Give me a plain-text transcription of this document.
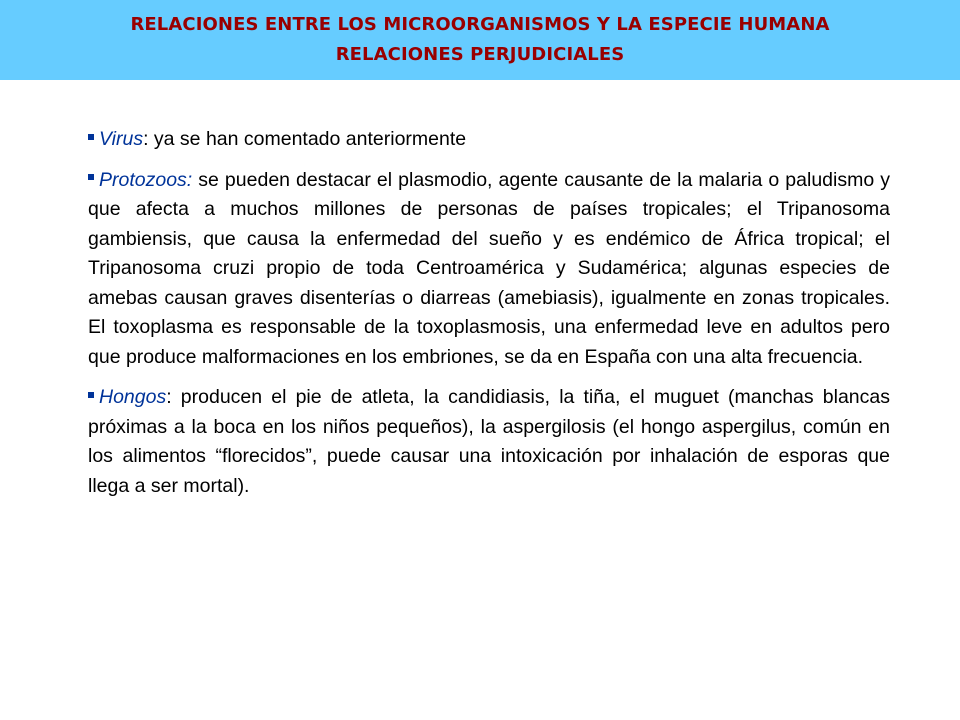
RELACIONES ENTRE LOS MICROORGANISMOS Y LA ESPECIE HUMANA
RELACIONES PERJUDICIALES

Virus: ya se han comentado anteriormente

Protozoos: se pueden destacar el plasmodio, agente causante de la malaria o paludismo y que afecta a muchos millones de personas de países tropicales; el Tripanosoma gambiensis, que causa la enfermedad del sueño y es endémico de África tropical; el Tripanosoma cruzi propio de toda Centroamérica y Sudamérica; algunas especies de amebas causan graves disenterías o diarreas (amebiasis), igualmente en zonas tropicales. El toxoplasma es responsable de la toxoplasmosis, una enfermedad leve en adultos pero que produce malformaciones en los embriones, se da en España con una alta frecuencia.

Hongos: producen el pie de atleta, la candidiasis, la tiña, el muguet (manchas blancas próximas a la boca en los niños pequeños), la aspergilosis (el hongo aspergilus, común en los alimentos “florecidos”, puede causar una intoxicación por inhalación de esporas que llega a ser mortal).
